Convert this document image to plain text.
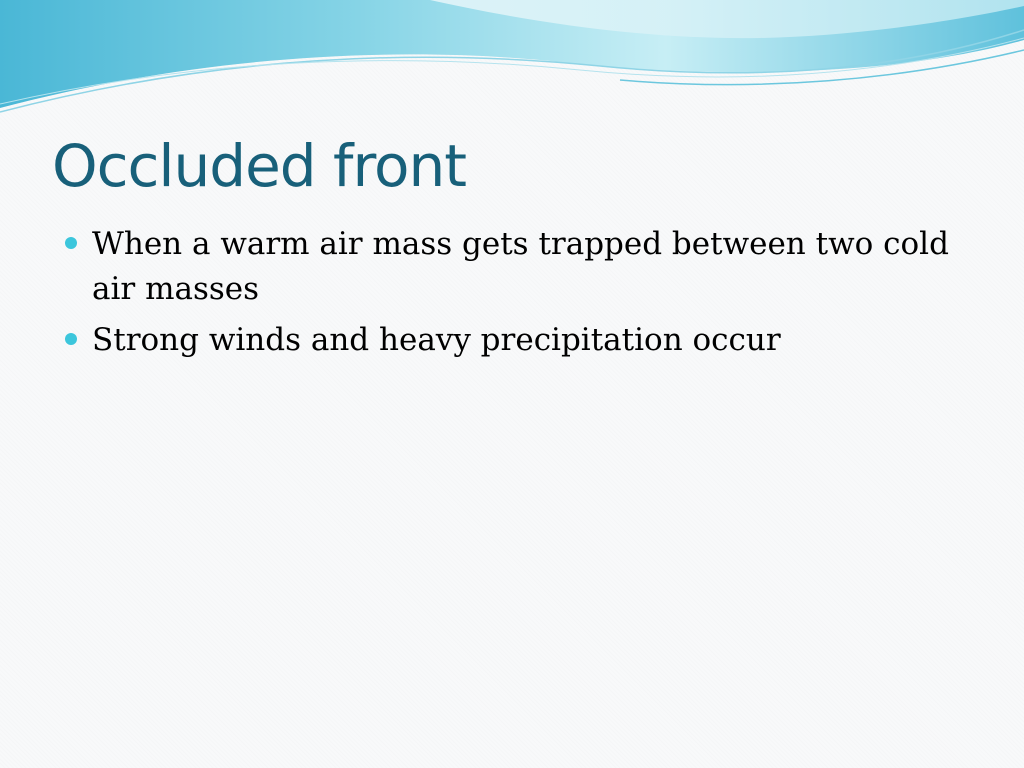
Occluded front
When a warm air mass gets trapped between two cold air masses
Strong winds and heavy precipitation occur
